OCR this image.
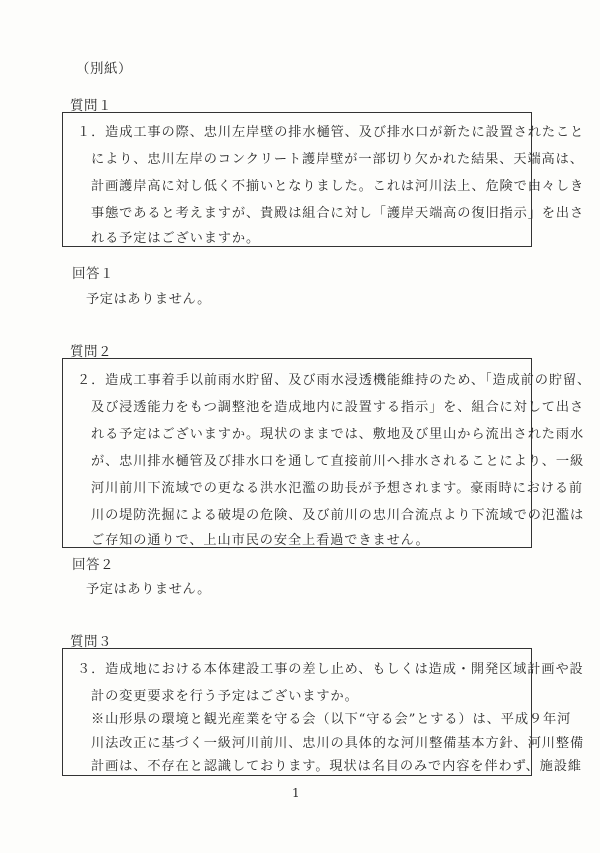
（別紙）
質問１
１．造成工事の際、忠川左岸壁の排水樋管、及び排水口が新たに設置されたこと
により、忠川左岸のコンクリート護岸壁が一部切り欠かれた結果、天端高は、
計画護岸高に対し低く不揃いとなりました。これは河川法上、危険で由々しき
事態であると考えますが、貴殿は組合に対し「護岸天端高の復旧指示」を出さ
れる予定はございますか。
回答１
予定はありません。
質問２
２．造成工事着手以前雨水貯留、及び雨水浸透機能維持のため、「造成前の貯留、
及び浸透能力をもつ調整池を造成地内に設置する指示」を、組合に対して出さ
れる予定はございますか。現状のままでは、敷地及び里山から流出された雨水
が、忠川排水樋管及び排水口を通して直接前川へ排水されることにより、一級
河川前川下流域での更なる洪水氾濫の助長が予想されます。豪雨時における前
川の堤防洗掘による破堤の危険、及び前川の忠川合流点より下流域での氾濫は
ご存知の通りで、上山市民の安全上看過できません。
回答２
予定はありません。
質問３
３．造成地における本体建設工事の差し止め、もしくは造成・開発区域計画や設
計の変更要求を行う予定はございますか。
※山形県の環境と観光産業を守る会（以下“守る会”とする）は、平成９年河
川法改正に基づく一級河川前川、忠川の具体的な河川整備基本方針、河川整備
計画は、不存在と認識しております。現状は名目のみで内容を伴わず、施設維
1
